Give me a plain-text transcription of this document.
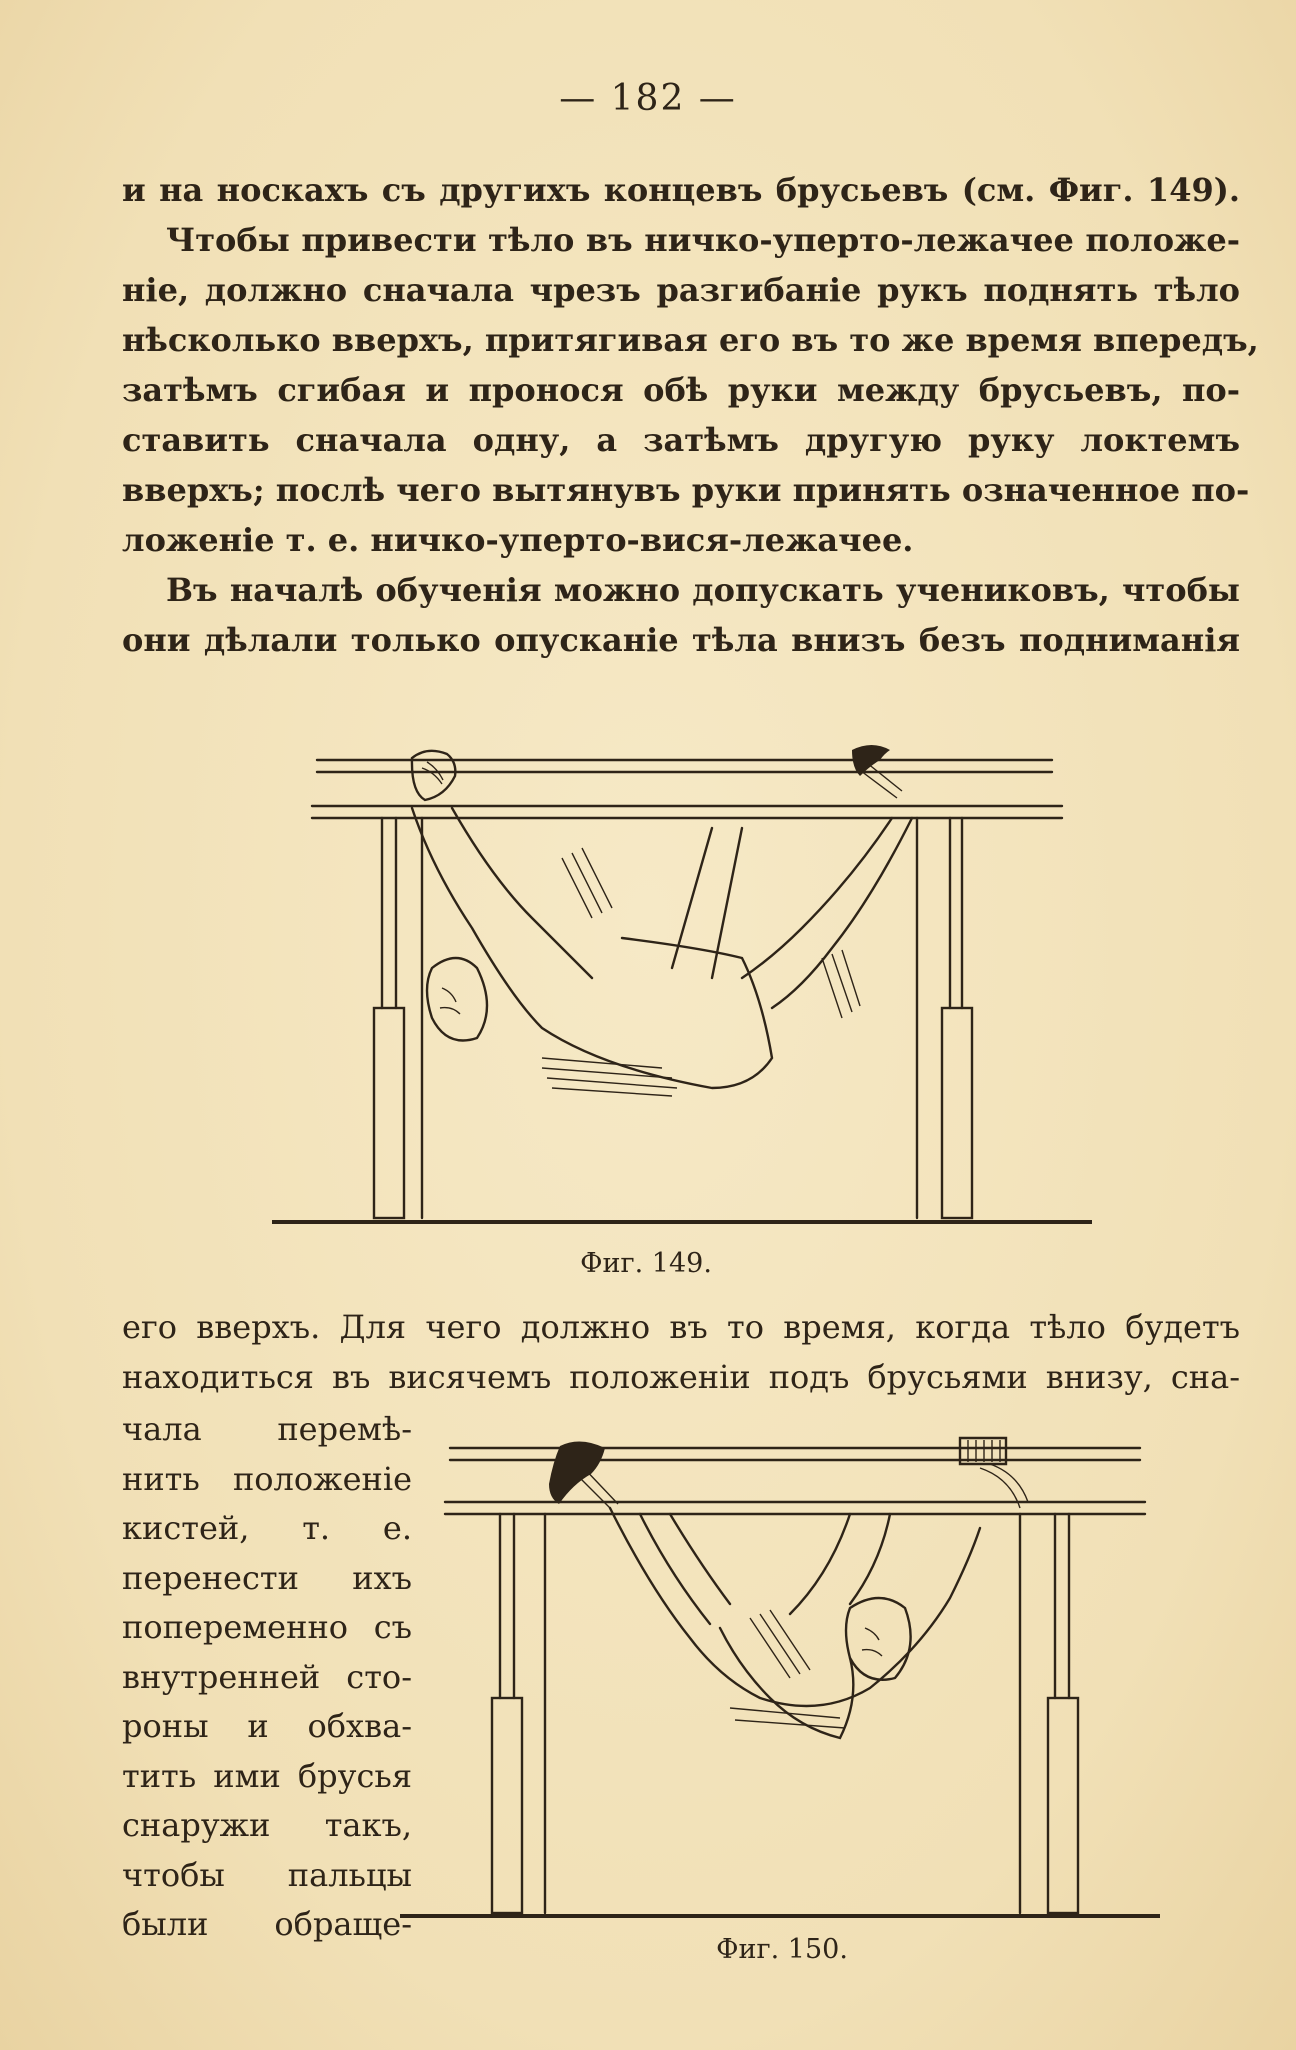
— 182 —
и на носкахъ съ другихъ концевъ брусьевъ (см. Фиг. 149).
Чтобы привести тѣло въ ничко-уперто-лежачее положе-
нiе, должно сначала чрезъ разгибанiе рукъ поднять тѣло
нѣсколько вверхъ, притягивая его въ то же время впередъ,
затѣмъ сгибая и пронося обѣ руки между брусьевъ, по-
ставить сначала одну, а затѣмъ другую руку локтемъ
вверхъ; послѣ чего вытянувъ руки принять означенное по-
ложенiе т. е. ничко-уперто-вися-лежачее.
Въ началѣ обученiя можно допускать учениковъ, чтобы
они дѣлали только опусканiе тѣла внизъ безъ подниманiя
Фиг. 149.
его вверхъ. Для чего должно въ то время, когда тѣло будетъ
находиться въ висячемъ положенiи подъ брусьями внизу, сна-
чала перемѣ-
нить положенiе
кистей, т. е.
перенести ихъ
попеременно съ
внутренней сто-
роны и обхва-
тить ими брусья
снаружи такъ,
чтобы пальцы
были обраще-
Фиг. 150.
